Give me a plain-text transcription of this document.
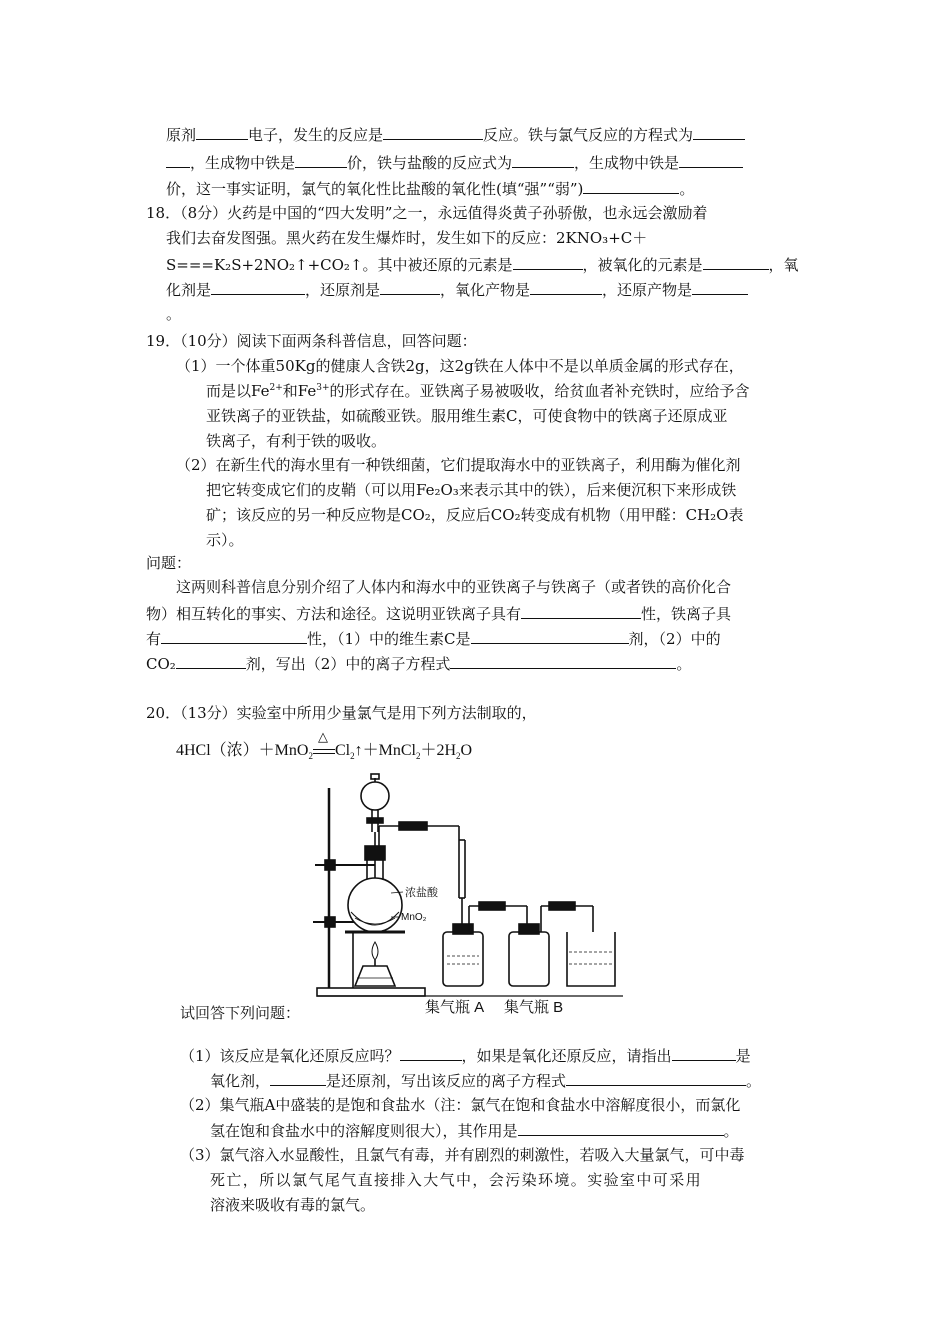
原剂	电子，发生的反应是	反应。铁与氯气反应的方程式为
，生成物中铁是	价，铁与盐酸的反应式为	，生成物中铁是
价，这一事实证明，氯气的氧化性比盐酸的氧化性(填“强”“弱”)	。
18．（8分）火药是中国的“四大发明”之一，永远值得炎黄子孙骄傲，也永远会激励着
我们去奋发图强。黑火药在发生爆炸时，发生如下的反应：2KNO₃+C＋
S===K₂S+2NO₂↑+CO₂↑。其中被还原的元素是	，被氧化的元素是	，氧
化剂是	，还原剂是	，氧化产物是	，还原产物是
。
19．（10分）阅读下面两条科普信息，回答问题：
（1）一个体重50Kg的健康人含铁2g，这2g铁在人体中不是以单质金属的形式存在，
而是以$Fe^{2+}$和$Fe^{3+}$的形式存在。亚铁离子易被吸收，给贫血者补充铁时，应给予含
亚铁离子的亚铁盐，如硫酸亚铁。服用维生素C，可使食物中的铁离子还原成亚
铁离子，有利于铁的吸收。
（2）在新生代的海水里有一种铁细菌，它们提取海水中的亚铁离子，利用酶为催化剂
把它转变成它们的皮鞘（可以用Fe₂O₃来表示其中的铁），后来便沉积下来形成铁
矿；该反应的另一种反应物是CO₂，反应后CO₂转变成有机物（用甲醛：CH₂O表
示）。
问题：
这两则科普信息分别介绍了人体内和海水中的亚铁离子与铁离子（或者铁的高价化合
物）相互转化的事实、方法和途径。这说明亚铁离子具有	性，铁离子具
有	性，（1）中的维生素C是	剂，（2）中的
CO₂	剂，写出（2）中的离子方程式	。
20．（13分）实验室中所用少量氯气是用下列方法制取的，
4HCl（浓）＋MnO$_2$
△
$Cl_2↑+MnCl_2+2H_2O$
浓盐酸
MnO₂
集气瓶 A 集气瓶 B
试回答下列问题：
（1）该反应是氧化还原反应吗？	，如果是氧化还原反应，请指出	是
氧化剂，	是还原剂，写出该反应的离子方程式	。
（2）集气瓶A中盛装的是饱和食盐水（注：氯气在饱和食盐水中溶解度很小，而氯化
氢在饱和食盐水中的溶解度则很大），其作用是	。
（3）氯气溶入水显酸性，且氯气有毒，并有剧烈的刺激性，若吸入大量氯气，可中毒
死亡，所以氯气尾气直接排入大气中，会污染环境。实验室中可采用
溶液来吸收有毒的氯气。
